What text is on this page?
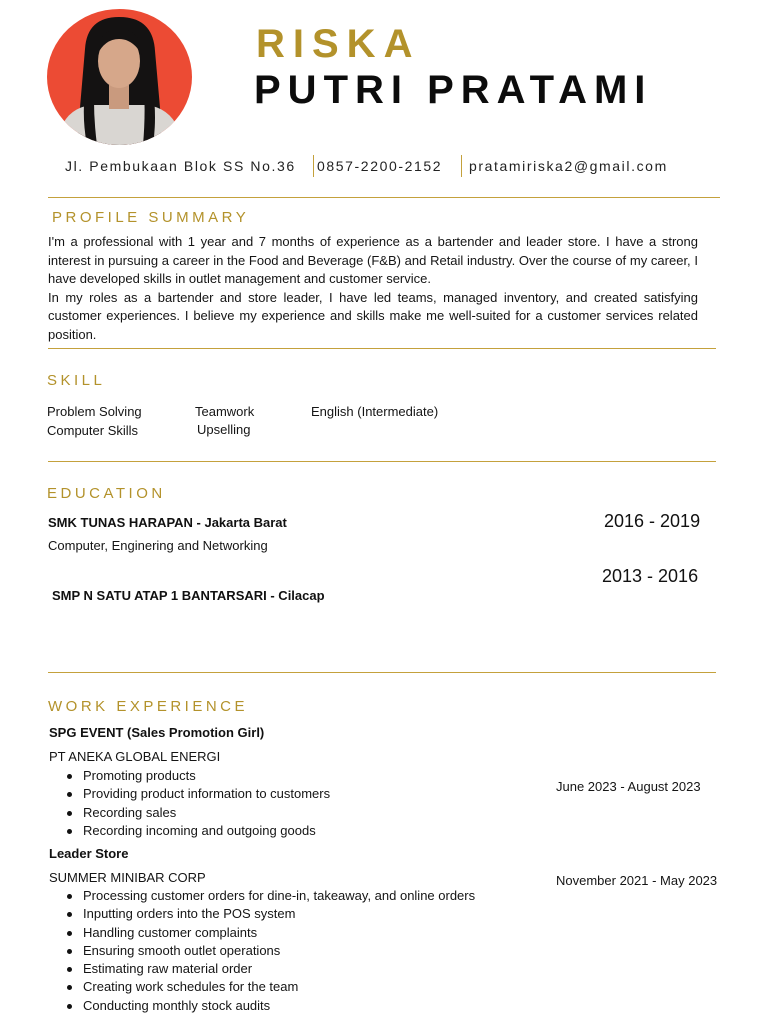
RISKA
PUTRI PRATAMI
Jl. Pembukaan Blok SS No.36 0857-2200-2152 pratamiriska2@gmail.com
PROFILE SUMMARY

I'm a professional with 1 year and 7 months of experience as a bartender and leader store. I have a strong interest in pursuing a career in the Food and Beverage (F&B) and Retail industry. Over the course of my career, I have developed skills in outlet management and customer service.

In my roles as a bartender and store leader, I have led teams, managed inventory, and created satisfying customer experiences. I believe my experience and skills make me well-suited for a customer services related position.

SKILL
Problem Solving
Computer Skills
Teamwork
Upselling
English (Intermediate)
EDUCATION
SMK TUNAS HARAPAN - Jakarta Barat
Computer, Enginering and Networking
2016 - 2019
2013 - 2016
SMP N SATU ATAP 1 BANTARSARI - Cilacap
WORK EXPERIENCE
SPG EVENT (Sales Promotion Girl)
PT ANEKA GLOBAL ENERGI
June 2023 - August 2023
Promoting products
Providing product information to customers
Recording sales
Recording incoming and outgoing goods
Leader Store
SUMMER MINIBAR CORP	November 2021 - May 2023
Processing customer orders for dine-in, takeaway, and online orders
Inputting orders into the POS system
Handling customer complaints
Ensuring smooth outlet operations
Estimating raw material order
Creating work schedules for the team
Conducting monthly stock audits
